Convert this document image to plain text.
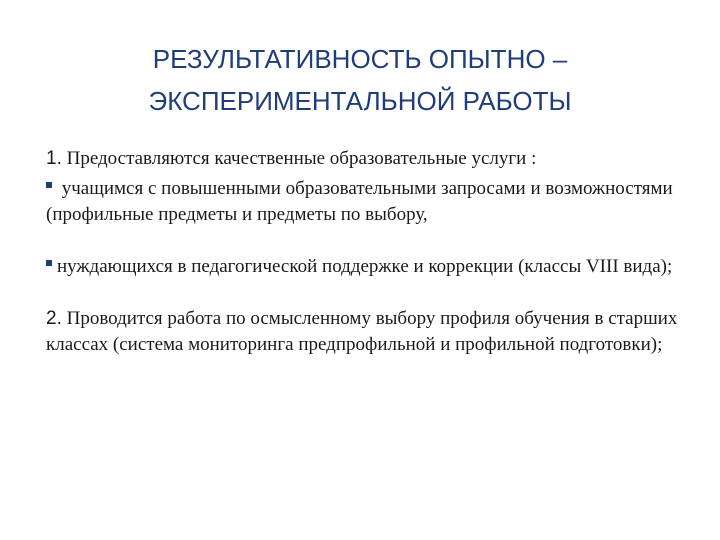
РЕЗУЛЬТАТИВНОСТЬ ОПЫТНО –
ЭКСПЕРИМЕНТАЛЬНОЙ РАБОТЫ

1. Предоставляются качественные образовательные услуги :

учащимся с повышенными образовательными запросами и возможностями (профильные предметы и предметы по выбору,

нуждающихся в педагогической поддержке и коррекции (классы VIII вида);

2. Проводится работа по осмысленному выбору профиля обучения в старших классах (система мониторинга предпрофильной и профильной подготовки);
